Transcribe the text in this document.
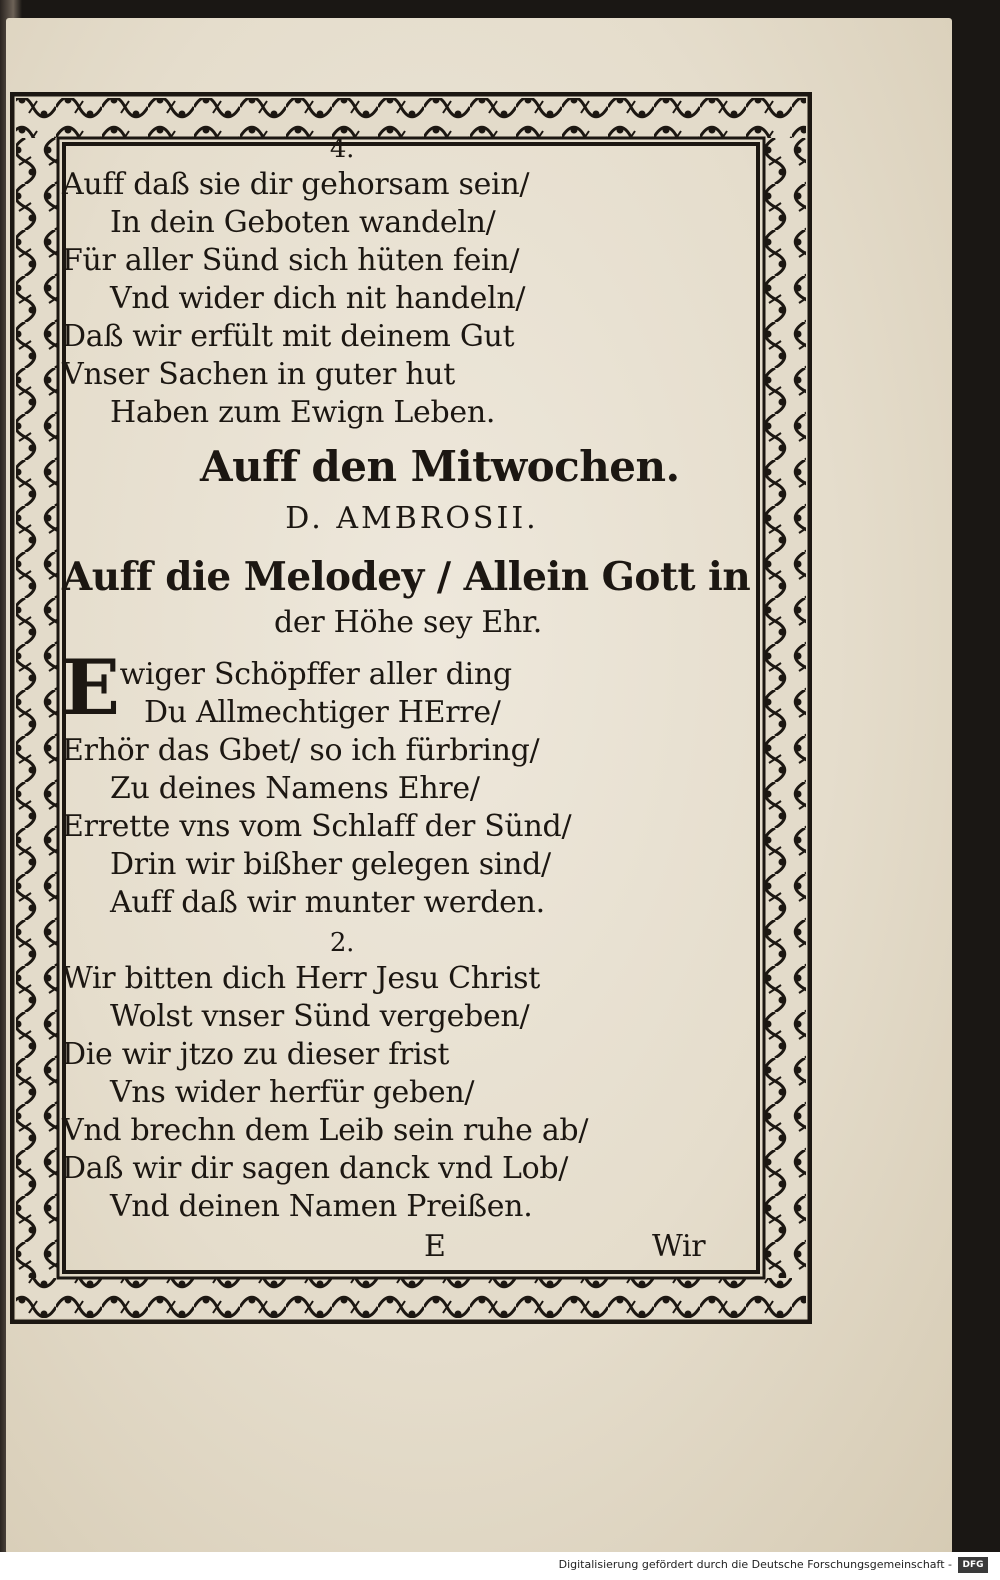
4.
Auff daß sie dir gehorsam sein/
In dein Geboten wandeln/
Für aller Sünd sich hüten fein/
Vnd wider dich nit handeln/
Daß wir erfült mit deinem Gut
Vnser Sachen in guter hut
Haben zum Ewign Leben.
Auff den Mitwochen.
D. AMBROSII.
Auff die Melodey / Allein Gott in
der Höhe sey Ehr.
Ewiger Schöpffer aller ding
Du Allmechtiger HErre/
Erhör das Gbet/ so ich fürbring/
Zu deines Namens Ehre/
Errette vns vom Schlaff der Sünd/
Drin wir bißher gelegen sind/
Auff daß wir munter werden.
2.
Wir bitten dich Herr Jesu Christ
Wolst vnser Sünd vergeben/
Die wir jtzo zu dieser frist
Vns wider herfür geben/
Vnd brechn dem Leib sein ruhe ab/
Daß wir dir sagen danck vnd Lob/
Vnd deinen Namen Preißen.
E	Wir
Digitalisierung gefördert durch die Deutsche Forschungsgemeinschaft -	DFG
